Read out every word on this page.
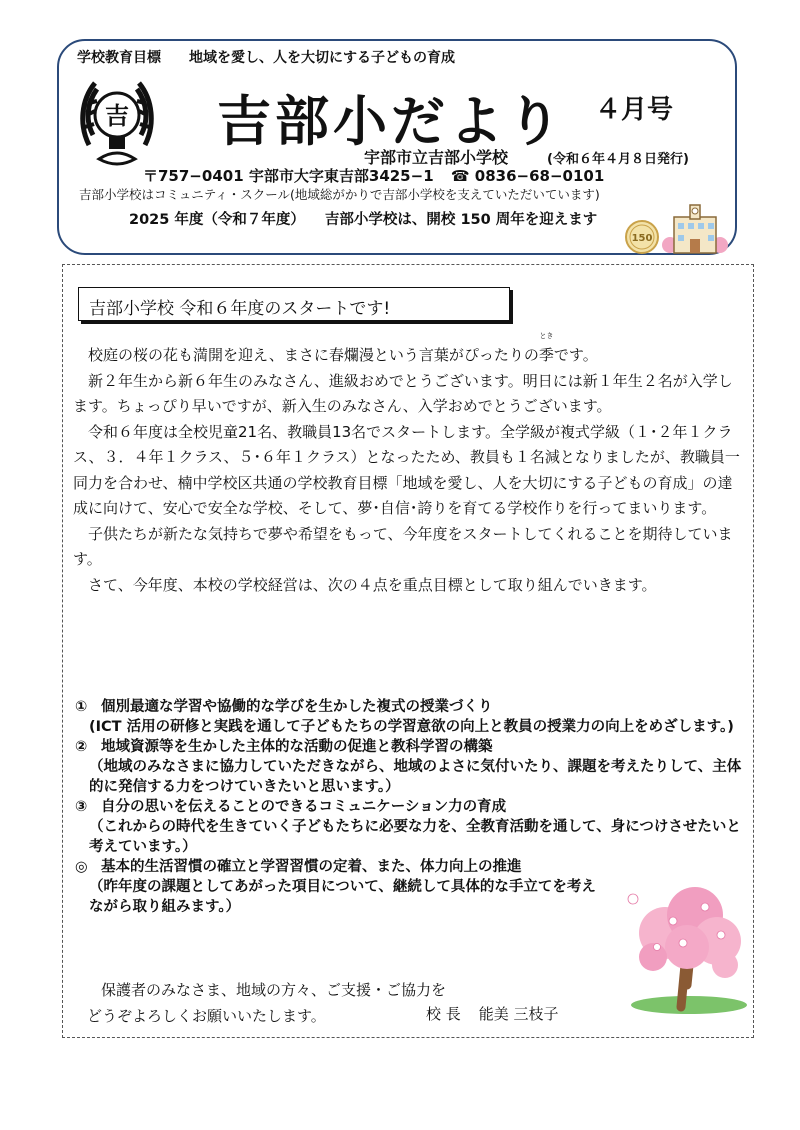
学校教育目標 地域を愛し、人を大切にする子どもの育成
吉 吉部小だより ４月号
宇部市立吉部小学校	(令和６年４月８日発行)
〒757−0401 宇部市大字東吉部3425−1 ☎ 0836−68−0101
吉部小学校はコミュニティ・スクール(地域総がかりで吉部小学校を支えていただいています)
2025 年度（令和７年度） 吉部小学校は、開校 150 周年を迎えます
150
吉部小学校 令和６年度のスタートです!

校庭の桜の花も満開を迎え、まさに春爛漫という言葉がぴったりの
とき
季です。

新２年生から新６年生のみなさん、進級おめでとうございます。明日には新１年生２名が入学します。ちょっぴり早いですが、新入生のみなさん、入学おめでとうございます。

令和６年度は全校児童21名、教職員13名でスタートします。全学級が複式学級（１･２年１クラス、３．４年１クラス、５･６年１クラス）となったため、教員も１名減となりましたが、教職員一同力を合わせ、楠中学校区共通の学校教育目標「地域を愛し、人を大切にする子どもの育成」の達成に向けて、安心で安全な学校、そして、夢･自信･誇りを育てる学校作りを行ってまいります。

子供たちが新たな気持ちで夢や希望をもって、今年度をスタートしてくれることを期待しています。

さて、今年度、本校の学校経営は、次の４点を重点目標として取り組んでいきます。

① 個別最適な学習や協働的な学びを生かした複式の授業づくり
(ICT 活用の研修と実践を通して子どもたちの学習意欲の向上と教員の授業力の向上をめざします。)
② 地域資源等を生かした主体的な活動の促進と教科学習の構築
（地域のみなさまに協力していただきながら、地域のよさに気付いたり、課題を考えたりして、主体的に発信する力をつけていきたいと思います。）
③ 自分の思いを伝えることのできるコミュニケーション力の育成
（これからの時代を生きていく子どもたちに必要な力を、全教育活動を通して、身につけさせたいと考えています。）
◎ 基本的生活習慣の確立と学習習慣の定着、また、体力向上の推進
（昨年度の課題としてあがった項目について、継続して具体的な手立てを考えながら取り組みます。）
保護者のみなさま、地域の方々、ご支援・ご協力を
どうぞよろしくお願いいたします。	校 長 能美 三枝子
